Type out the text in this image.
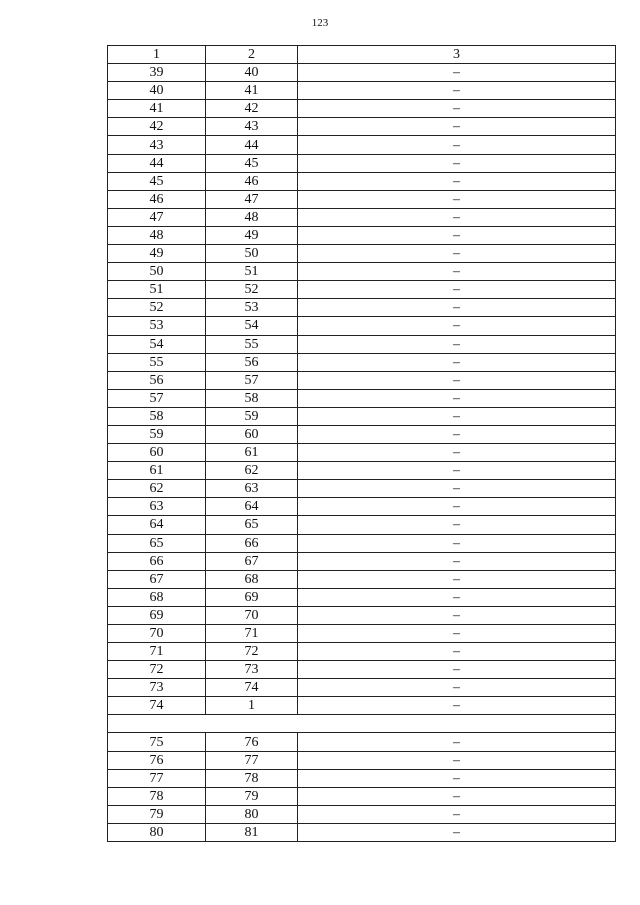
123
1	2	3
39	40	–
40	41	–
41	42	–
42	43	–
43	44	–
44	45	–
45	46	–
46	47	–
47	48	–
48	49	–
49	50	–
50	51	–
51	52	–
52	53	–
53	54	–
54	55	–
55	56	–
56	57	–
57	58	–
58	59	–
59	60	–
60	61	–
61	62	–
62	63	–
63	64	–
64	65	–
65	66	–
66	67	–
67	68	–
68	69	–
69	70	–
70	71	–
71	72	–
72	73	–
73	74	–
74	1	–

75	76	–
76	77	–
77	78	–
78	79	–
79	80	–
80	81	–
